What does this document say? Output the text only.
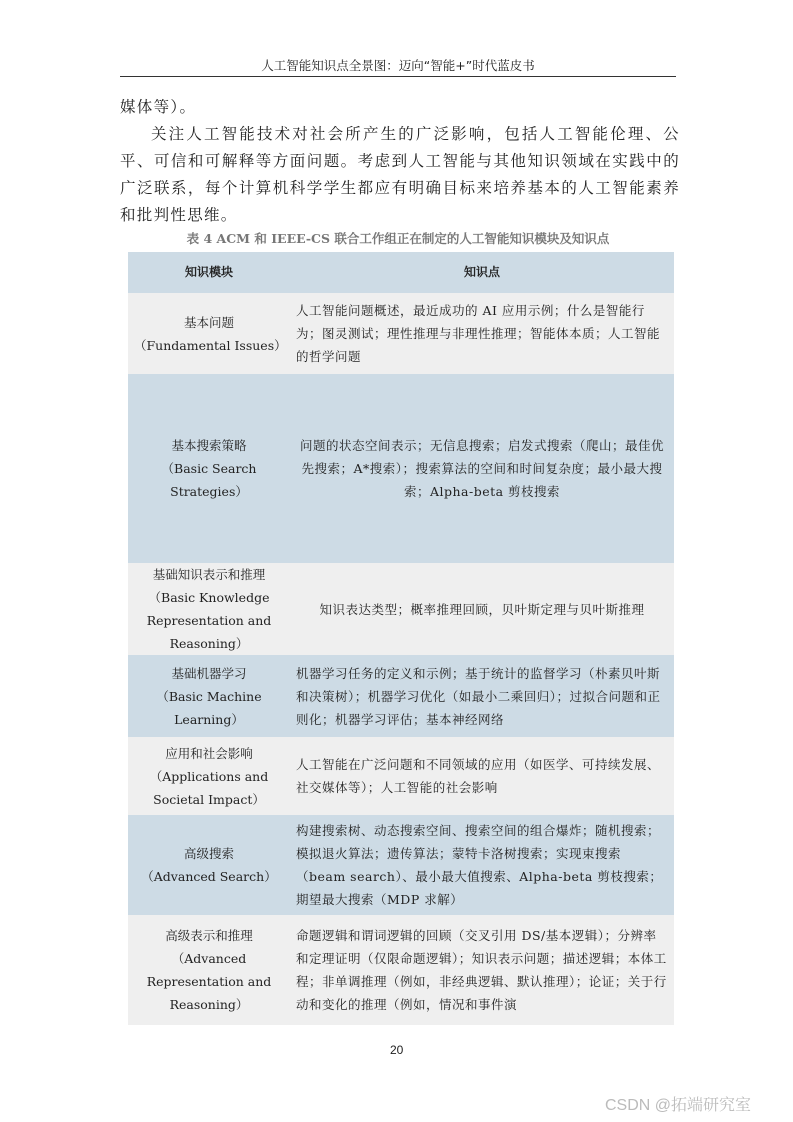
人工智能知识点全景图：迈向“智能+”时代蓝皮书
媒体等）。
关注人工智能技术对社会所产生的广泛影响，包括人工智能伦理、公平、可信和可解释等方面问题。考虑到人工智能与其他知识领域在实践中的广泛联系，每个计算机科学学生都应有明确目标来培养基本的人工智能素养和批判性思维。
表 4 ACM 和 IEEE-CS 联合工作组正在制定的人工智能知识模块及知识点
知识模块	知识点

基本问题
（Fundamental Issues）	人工智能问题概述，最近成功的 AI 应用示例；什么是智能行为；图灵测试；理性推理与非理性推理；智能体本质；人工智能的哲学问题

基本搜索策略
（Basic Search Strategies）	问题的状态空间表示；无信息搜索；启发式搜索（爬山；最佳优先搜索；A*搜索）；搜索算法的空间和时间复杂度；最小最大搜索；Alpha-beta 剪枝搜索

基础知识表示和推理
（Basic Knowledge Representation and Reasoning）	知识表达类型；概率推理回顾，贝叶斯定理与贝叶斯推理

基础机器学习
（Basic Machine Learning）	机器学习任务的定义和示例；基于统计的监督学习（朴素贝叶斯和决策树）；机器学习优化（如最小二乘回归）；过拟合问题和正则化；机器学习评估；基本神经网络

应用和社会影响
（Applications and Societal Impact）	人工智能在广泛问题和不同领域的应用（如医学、可持续发展、社交媒体等）；人工智能的社会影响

高级搜索
（Advanced Search）	构建搜索树、动态搜索空间、搜索空间的组合爆炸；随机搜索；模拟退火算法；遗传算法；蒙特卡洛树搜索；实现束搜索（beam search）、最小最大值搜索、Alpha-beta 剪枝搜索；期望最大搜索（MDP 求解）

高级表示和推理
（Advanced Representation and Reasoning）	命题逻辑和谓词逻辑的回顾（交叉引用 DS/基本逻辑）；分辨率和定理证明（仅限命题逻辑）；知识表示问题；描述逻辑；本体工程；非单调推理（例如，非经典逻辑、默认推理）；论证；关于行动和变化的推理（例如，情况和事件演
20
CSDN @拓端研究室
